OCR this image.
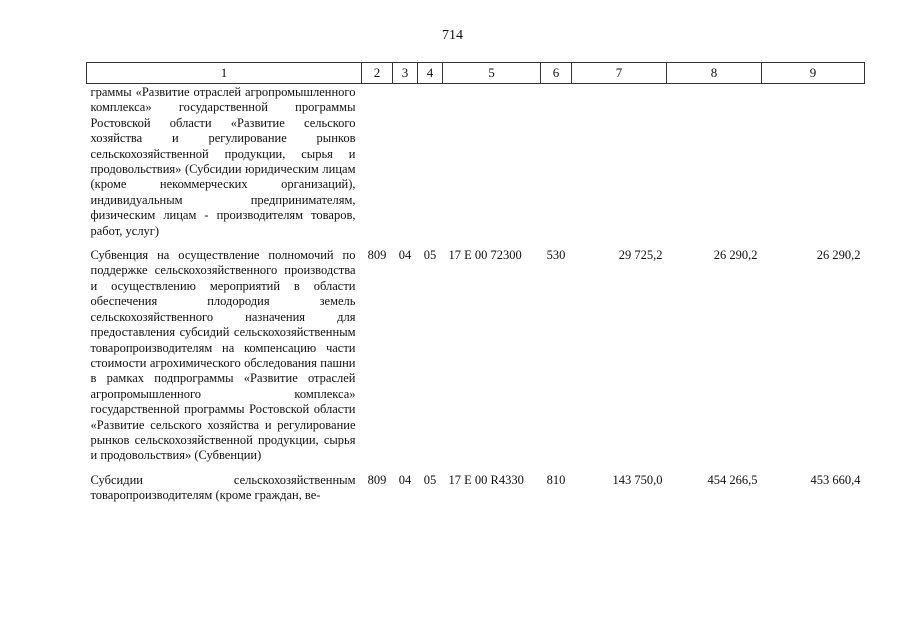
714
1	2	3	4	5	6	7	8	9
граммы «Развитие отраслей агропромышленного комплекса» государственной программы Ростовской области «Развитие сельского хозяйства и регулирование рынков сельскохозяйственной продукции, сырья и продовольствия» (Субсидии юридическим лицам (кроме некоммерческих организаций), индивидуальным предпринимателям, физическим лицам - производителям товаров, работ, услуг)								
Субвенция на осуществление полномочий по поддержке сельскохозяйственного производства и осуществлению мероприятий в области обеспечения плодородия земель сельскохозяйственного назначения для предоставления субсидий сельскохозяйственным товаропроизводителям на компенсацию части стоимости агрохимического обследования пашни в рамках подпрограммы «Развитие отраслей агропромышленного комплекса» государственной программы Ростовской области «Развитие сельского хозяйства и регулирование рынков сельскохозяйственной продукции, сырья и продовольствия» (Субвенции)	809	04	05	17 Е 00 72300	530	29 725,2	26 290,2	26 290,2
Субсидии сельскохозяйственным товаропроизводителям (кроме граждан, ве-	809	04	05	17 Е 00 R4330	810	143 750,0	454 266,5	453 660,4
